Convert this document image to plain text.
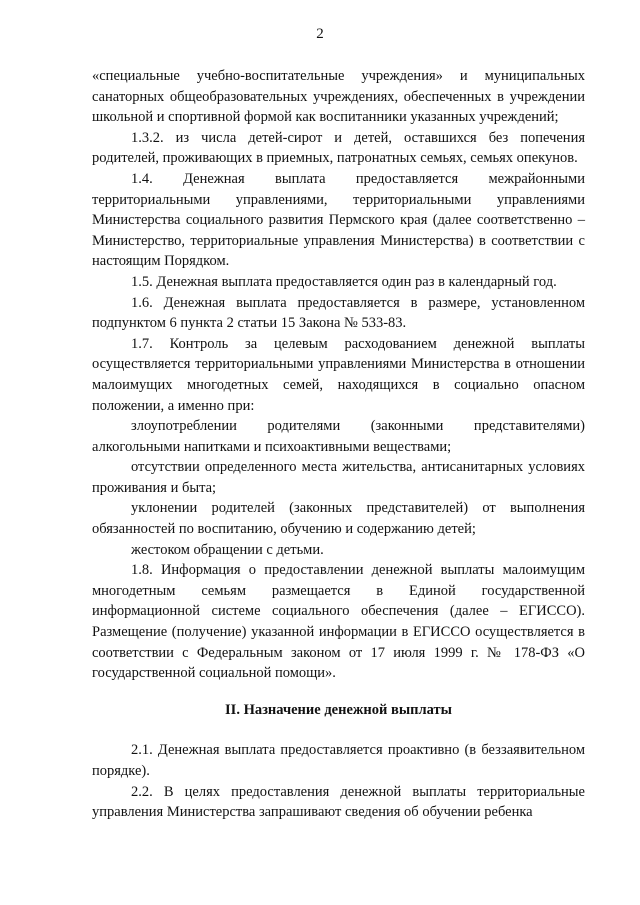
2

«специальные учебно-воспитательные учреждения» и муниципальных санаторных общеобразовательных учреждениях, обеспеченных в учреждении школьной и спортивной формой как воспитанники указанных учреждений;

1.3.2. из числа детей-сирот и детей, оставшихся без попечения родителей, проживающих в приемных, патронатных семьях, семьях опекунов.

1.4. Денежная выплата предоставляется межрайонными территориальными управлениями, территориальными управлениями Министерства социального развития Пермского края (далее соответственно – Министерство, территориальные управления Министерства) в соответствии с настоящим Порядком.

1.5. Денежная выплата предоставляется один раз в календарный год.

1.6. Денежная выплата предоставляется в размере, установленном подпунктом 6 пункта 2 статьи 15 Закона № 533-83.

1.7. Контроль за целевым расходованием денежной выплаты осуществляется территориальными управлениями Министерства в отношении малоимущих многодетных семей, находящихся в социально опасном положении, а именно при:

злоупотреблении родителями (законными представителями) алкогольными напитками и психоактивными веществами;

отсутствии определенного места жительства, антисанитарных условиях проживания и быта;

уклонении родителей (законных представителей) от выполнения обязанностей по воспитанию, обучению и содержанию детей;

жестоком обращении с детьми.

1.8. Информация о предоставлении денежной выплаты малоимущим многодетным семьям размещается в Единой государственной информационной системе социального обеспечения (далее – ЕГИССО). Размещение (получение) указанной информации в ЕГИССО осуществляется в соответствии с Федеральным законом от 17 июля 1999 г. № 178-ФЗ «О государственной социальной помощи».

II. Назначение денежной выплаты

2.1. Денежная выплата предоставляется проактивно (в беззаявительном порядке).

2.2. В целях предоставления денежной выплаты территориальные управления Министерства запрашивают сведения об обучении ребенка
